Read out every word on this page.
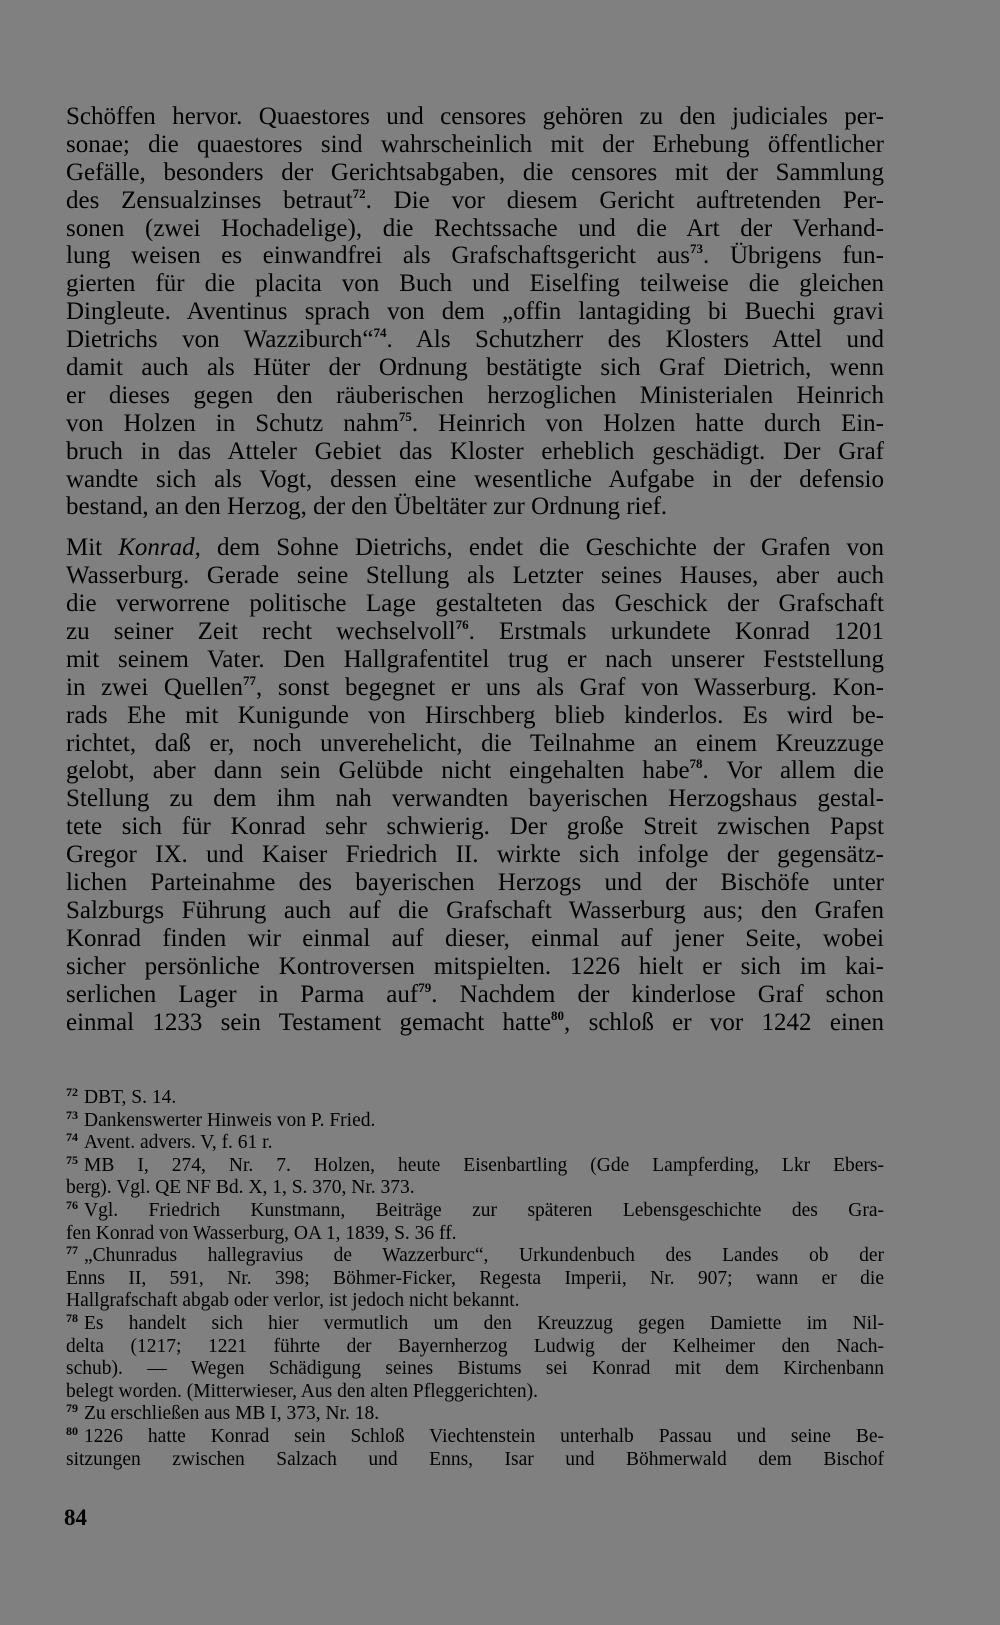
Schöffen hervor. Quaestores und censores gehören zu den judiciales per-
sonae; die quaestores sind wahrscheinlich mit der Erhebung öffentlicher
Gefälle, besonders der Gerichtsabgaben, die censores mit der Sammlung
des Zensualzinses betraut$^{72}$. Die vor diesem Gericht auftretenden Per-
sonen (zwei Hochadelige), die Rechtssache und die Art der Verhand-
lung weisen es einwandfrei als Grafschaftsgericht aus$^{73}$. Übrigens fun-
gierten für die placita von Buch und Eiselfing teilweise die gleichen
Dingleute. Aventinus sprach von dem „offin lantagiding bi Buechi gravi
Dietrichs von Wazziburch“$^{74}$. Als Schutzherr des Klosters Attel und
damit auch als Hüter der Ordnung bestätigte sich Graf Dietrich, wenn
er dieses gegen den räuberischen herzoglichen Ministerialen Heinrich
von Holzen in Schutz nahm$^{75}$. Heinrich von Holzen hatte durch Ein-
bruch in das Atteler Gebiet das Kloster erheblich geschädigt. Der Graf
wandte sich als Vogt, dessen eine wesentliche Aufgabe in der defensio
bestand, an den Herzog, der den Übeltäter zur Ordnung rief.
Mit Konrad, dem Sohne Dietrichs, endet die Geschichte der Grafen von
Wasserburg. Gerade seine Stellung als Letzter seines Hauses, aber auch
die verworrene politische Lage gestalteten das Geschick der Grafschaft
zu seiner Zeit recht wechselvoll$^{76}$. Erstmals urkundete Konrad 1201
mit seinem Vater. Den Hallgrafentitel trug er nach unserer Feststellung
in zwei Quellen$^{77}$, sonst begegnet er uns als Graf von Wasserburg. Kon-
rads Ehe mit Kunigunde von Hirschberg blieb kinderlos. Es wird be-
richtet, daß er, noch unverehelicht, die Teilnahme an einem Kreuzzuge
gelobt, aber dann sein Gelübde nicht eingehalten habe$^{78}$. Vor allem die
Stellung zu dem ihm nah verwandten bayerischen Herzogshaus gestal-
tete sich für Konrad sehr schwierig. Der große Streit zwischen Papst
Gregor IX. und Kaiser Friedrich II. wirkte sich infolge der gegensätz-
lichen Parteinahme des bayerischen Herzogs und der Bischöfe unter
Salzburgs Führung auch auf die Grafschaft Wasserburg aus; den Grafen
Konrad finden wir einmal auf dieser, einmal auf jener Seite, wobei
sicher persönliche Kontroversen mitspielten. 1226 hielt er sich im kai-
serlichen Lager in Parma auf$^{79}$. Nachdem der kinderlose Graf schon
einmal 1233 sein Testament gemacht hatte$^{80}$, schloß er vor 1242 einen
$^{72}$ DBT, S. 14.
$^{73}$ Dankenswerter Hinweis von P. Fried.
$^{74}$ Avent. advers. V, f. 61 r.
$^{75}$ MB I, 274, Nr. 7. Holzen, heute Eisenbartling (Gde Lampferding, Lkr Ebers-
berg). Vgl. QE NF Bd. X, 1, S. 370, Nr. 373.
$^{76}$ Vgl. Friedrich Kunstmann, Beiträge zur späteren Lebensgeschichte des Gra-
fen Konrad von Wasserburg, OA 1, 1839, S. 36 ff.
$^{77}$ „Chunradus hallegravius de Wazzerburc“, Urkundenbuch des Landes ob der
Enns II, 591, Nr. 398; Böhmer-Ficker, Regesta Imperii, Nr. 907; wann er die
Hallgrafschaft abgab oder verlor, ist jedoch nicht bekannt.
$^{78}$ Es handelt sich hier vermutlich um den Kreuzzug gegen Damiette im Nil-
delta (1217; 1221 führte der Bayernherzog Ludwig der Kelheimer den Nach-
schub). — Wegen Schädigung seines Bistums sei Konrad mit dem Kirchenbann
belegt worden. (Mitterwieser, Aus den alten Pfleggerichten).
$^{79}$ Zu erschließen aus MB I, 373, Nr. 18.
$^{80}$ 1226 hatte Konrad sein Schloß Viechtenstein unterhalb Passau und seine Be-
sitzungen zwischen Salzach und Enns, Isar und Böhmerwald dem Bischof
84
